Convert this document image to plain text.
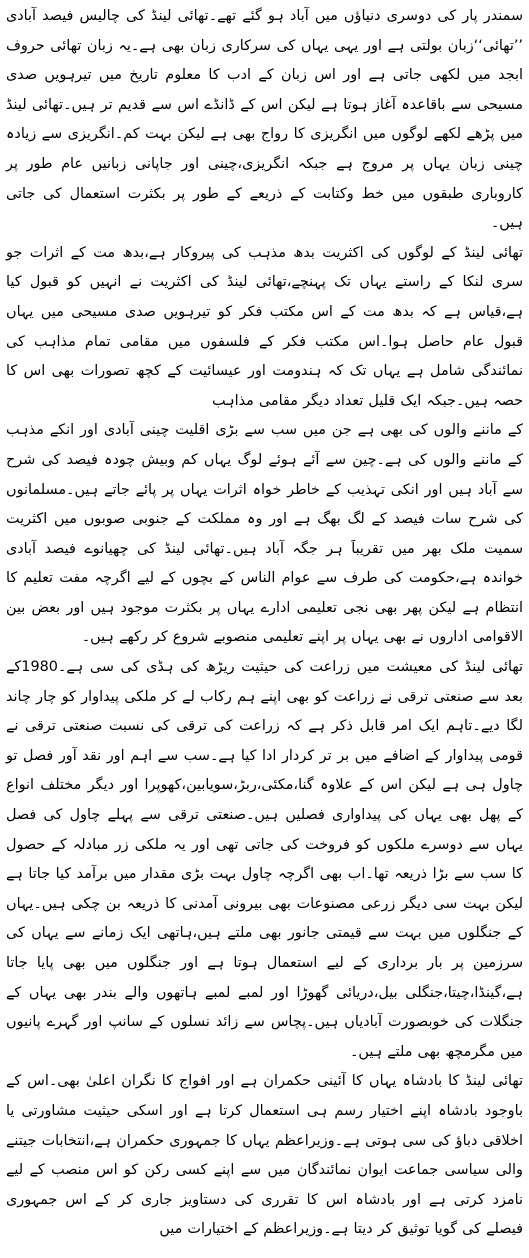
سمندر پار کی دوسری دنیاؤں میں آباد ہو گئے تھے۔تھائی لینڈ کی چالیس فیصد آبادی ’’تھائی‘‘زبان بولتی ہے اور یہی یہاں کی سرکاری زبان بھی ہے۔یہ زبان تھائی حروف ابجد میں لکھی جاتی ہے اور اس زبان کے ادب کا معلوم تاریخ میں تیرہویں صدی مسیحی سے باقاعدہ آغاز ہوتا ہے لیکن اس کے ڈانڈے اس سے قدیم تر ہیں۔تھائی لینڈ میں پڑھے لکھے لوگوں میں انگریزی کا رواج بھی ہے لیکن بہت کم۔انگریزی سے زیادہ چینی زبان یہاں پر مروج ہے جبکہ انگریزی،چینی اور جاپانی زبانیں عام طور پر کاروباری طبقوں میں خط وکتابت کے ذریعے کے طور پر بکثرت استعمال کی جاتی ہیں۔

تھائی لینڈ کے لوگوں کی اکثریت بدھ مذہب کی پیروکار ہے،بدھ مت کے اثرات جو سری لنکا کے راستے یہاں تک پہنچے،تھائی لینڈ کی اکثریت نے انہیں کو قبول کیا ہے،قیاس ہے کہ بدھ مت کے اس مکتب فکر کو تیرہویں صدی مسیحی میں یہاں قبول عام حاصل ہوا۔اس مکتب فکر کے فلسفوں میں مقامی تمام مذاہب کی نمائندگی شامل ہے یہاں تک کہ ہندومت اور عیسائیت کے کچھ تصورات بھی اس کا حصہ ہیں۔جبکہ ایک قلیل تعداد دیگر مقامی مذاہب

کے ماننے والوں کی بھی ہے جن میں سب سے بڑی اقلیت چینی آبادی اور انکے مذہب کے ماننے والوں کی ہے۔چین سے آئے ہوئے لوگ یہاں کم وبیش چودہ فیصد کی شرح سے آباد ہیں اور انکی تہذیب کے خاطر خواہ اثرات یہاں پر پائے جاتے ہیں۔مسلمانوں کی شرح سات فیصد کے لگ بھگ ہے اور وہ مملکت کے جنوبی صوبوں میں اکثریت سمیت ملک بھر میں تقریباََ ہر جگہ آباد ہیں۔تھائی لینڈ کی چھیانوے فیصد آبادی خواندہ ہے،حکومت کی طرف سے عوام الناس کے بچوں کے لیے اگرچہ مفت تعلیم کا انتظام ہے لیکن پھر بھی نجی تعلیمی ادارے یہاں پر بکثرت موجود ہیں اور بعض بین الاقوامی اداروں نے بھی یہاں پر اپنے تعلیمی منصوبے شروع کر رکھے ہیں۔

تھائی لینڈ کی معیشت میں زراعت کی حیثیت ریڑھ کی ہڈی کی سی ہے۔1980کے بعد سے صنعتی ترقی نے زراعت کو بھی اپنے ہم رکاب لے کر ملکی پیداوار کو چار چاند لگا دیے۔تاہم ایک امر قابل ذکر ہے کہ زراعت کی ترقی کی نسبت صنعتی ترقی نے قومی پیداوار کے اضافے میں بر تر کردار ادا کیا ہے۔سب سے اہم اور نقد آور فصل تو چاول ہی ہے لیکن اس کے علاوہ گنا،مکئی،ربڑ،سویابین،کھوپرا اور دیگر مختلف انواع کے پھل بھی یہاں کی پیداواری فصلیں ہیں۔صنعتی ترقی سے پہلے چاول کی فصل یہاں سے دوسرے ملکوں کو فروخت کی جاتی تھی اور یہ ملکی زر مبادلہ کے حصول کا سب سے بڑا ذریعہ تھا۔اب بھی اگرچہ چاول بہت بڑی مقدار میں برآمد کیا جاتا ہے لیکن بہت سی دیگر زرعی مصنوعات بھی بیرونی آمدنی کا ذریعہ بن چکی ہیں۔یہاں کے جنگلوں میں بہت سے قیمتی جانور بھی ملتے ہیں،ہاتھی ایک زمانے سے یہاں کی سرزمین پر بار برداری کے لیے استعمال ہوتا ہے اور جنگلوں میں بھی پایا جاتا ہے،گینڈا،چیتا،جنگلی بیل،دریائی گھوڑا اور لمبے لمبے ہاتھوں والے بندر بھی یہاں کے جنگلات کی خوبصورت آبادیاں ہیں۔پچاس سے زائد نسلوں کے سانپ اور گہرے پانیوں میں مگرمچھ بھی ملتے ہیں۔

تھائی لینڈ کا بادشاہ یہاں کا آئینی حکمران ہے اور افواج کا نگران اعلیٰ بھی۔اس کے باوجود بادشاہ اپنے اختیار رسم ہی استعمال کرتا ہے اور اسکی حیثیت مشاورتی یا اخلاقی دباؤ کی سی ہوتی ہے۔وزیراعظم یہاں کا جمہوری حکمران ہے،انتخابات جیتنے والی سیاسی جماعت ایوان نمائندگان میں سے اپنے کسی رکن کو اس منصب کے لیے نامزد کرتی ہے اور بادشاہ اس کا تقرری کی دستاویز جاری کر کے اس جمہوری فیصلے کی گویا توثیق کر دیتا ہے۔وزیراعظم کے اختیارات میں
